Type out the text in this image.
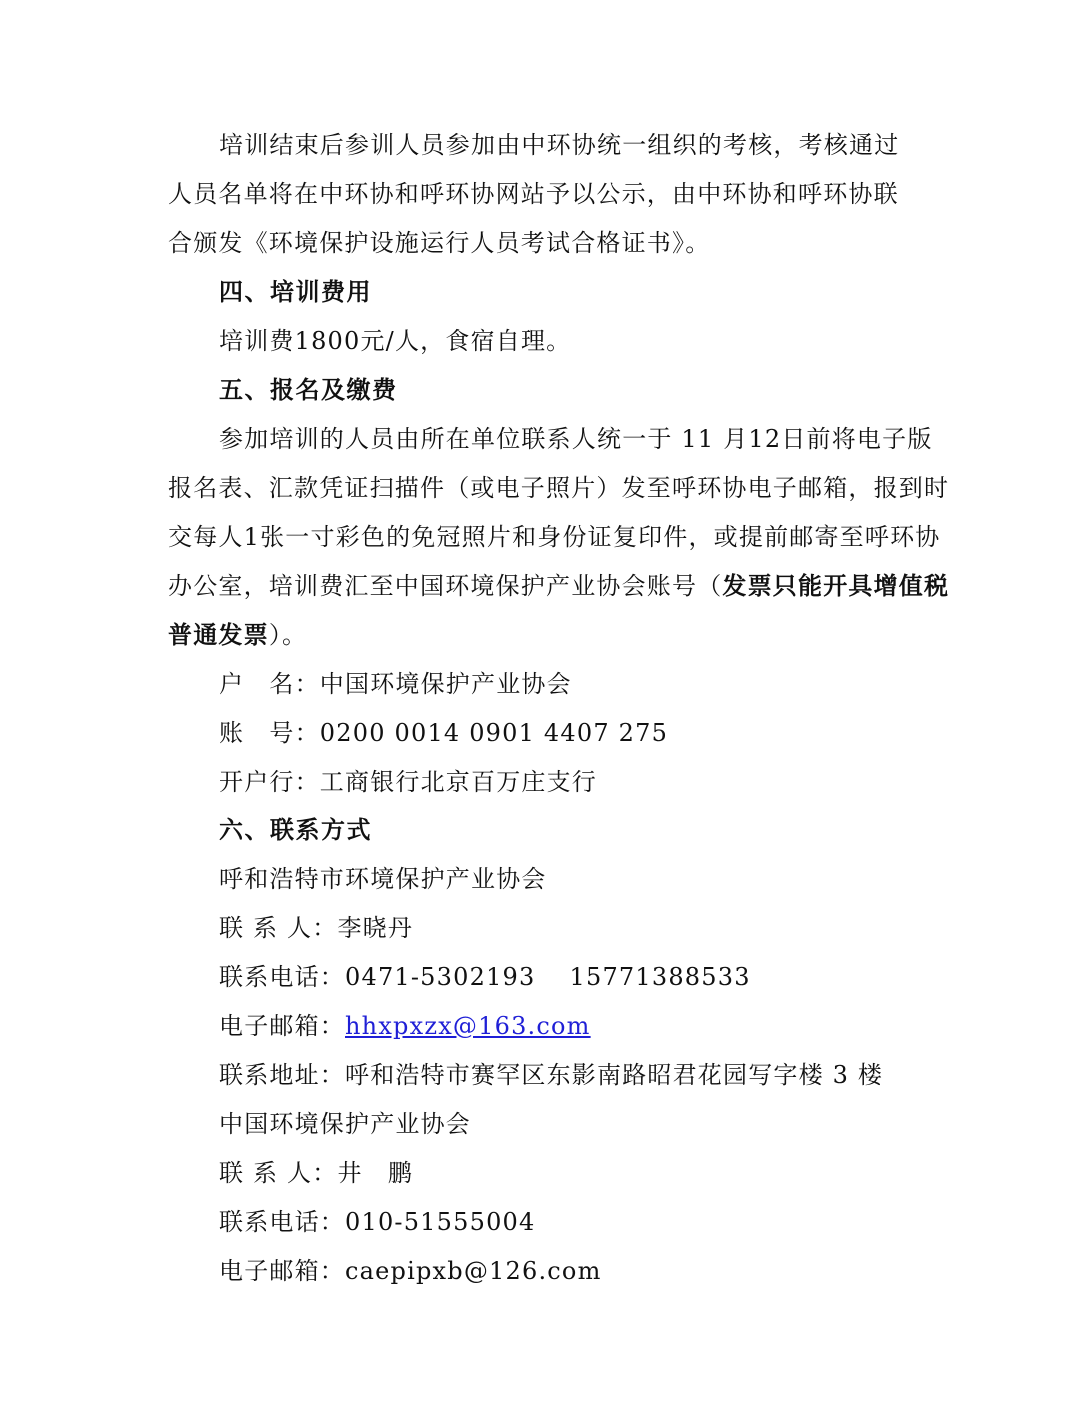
培训结束后参训人员参加由中环协统一组织的考核，考核通过
人员名单将在中环协和呼环协网站予以公示，由中环协和呼环协联
合颁发《环境保护设施运行人员考试合格证书》。
四、培训费用
培训费1800元/人，食宿自理。
五、报名及缴费
参加培训的人员由所在单位联系人统一于 11 月12日前将电子版
报名表、汇款凭证扫描件（或电子照片）发至呼环协电子邮箱，报到时
交每人1张一寸彩色的免冠照片和身份证复印件，或提前邮寄至呼环协
办公室，培训费汇至中国环境保护产业协会账号（发票只能开具增值税
普通发票）。
户　名：中国环境保护产业协会
账　号：0200 0014 0901 4407 275
开户行：工商银行北京百万庄支行
六、联系方式
呼和浩特市环境保护产业协会
联 系 人：李晓丹
联系电话：0471-5302193　 15771388533
电子邮箱：hhxpxzx@163.com
联系地址：呼和浩特市赛罕区东影南路昭君花园写字楼 3 楼
中国环境保护产业协会
联 系 人：井　鹏
联系电话：010-51555004
电子邮箱：caepipxb@126.com
